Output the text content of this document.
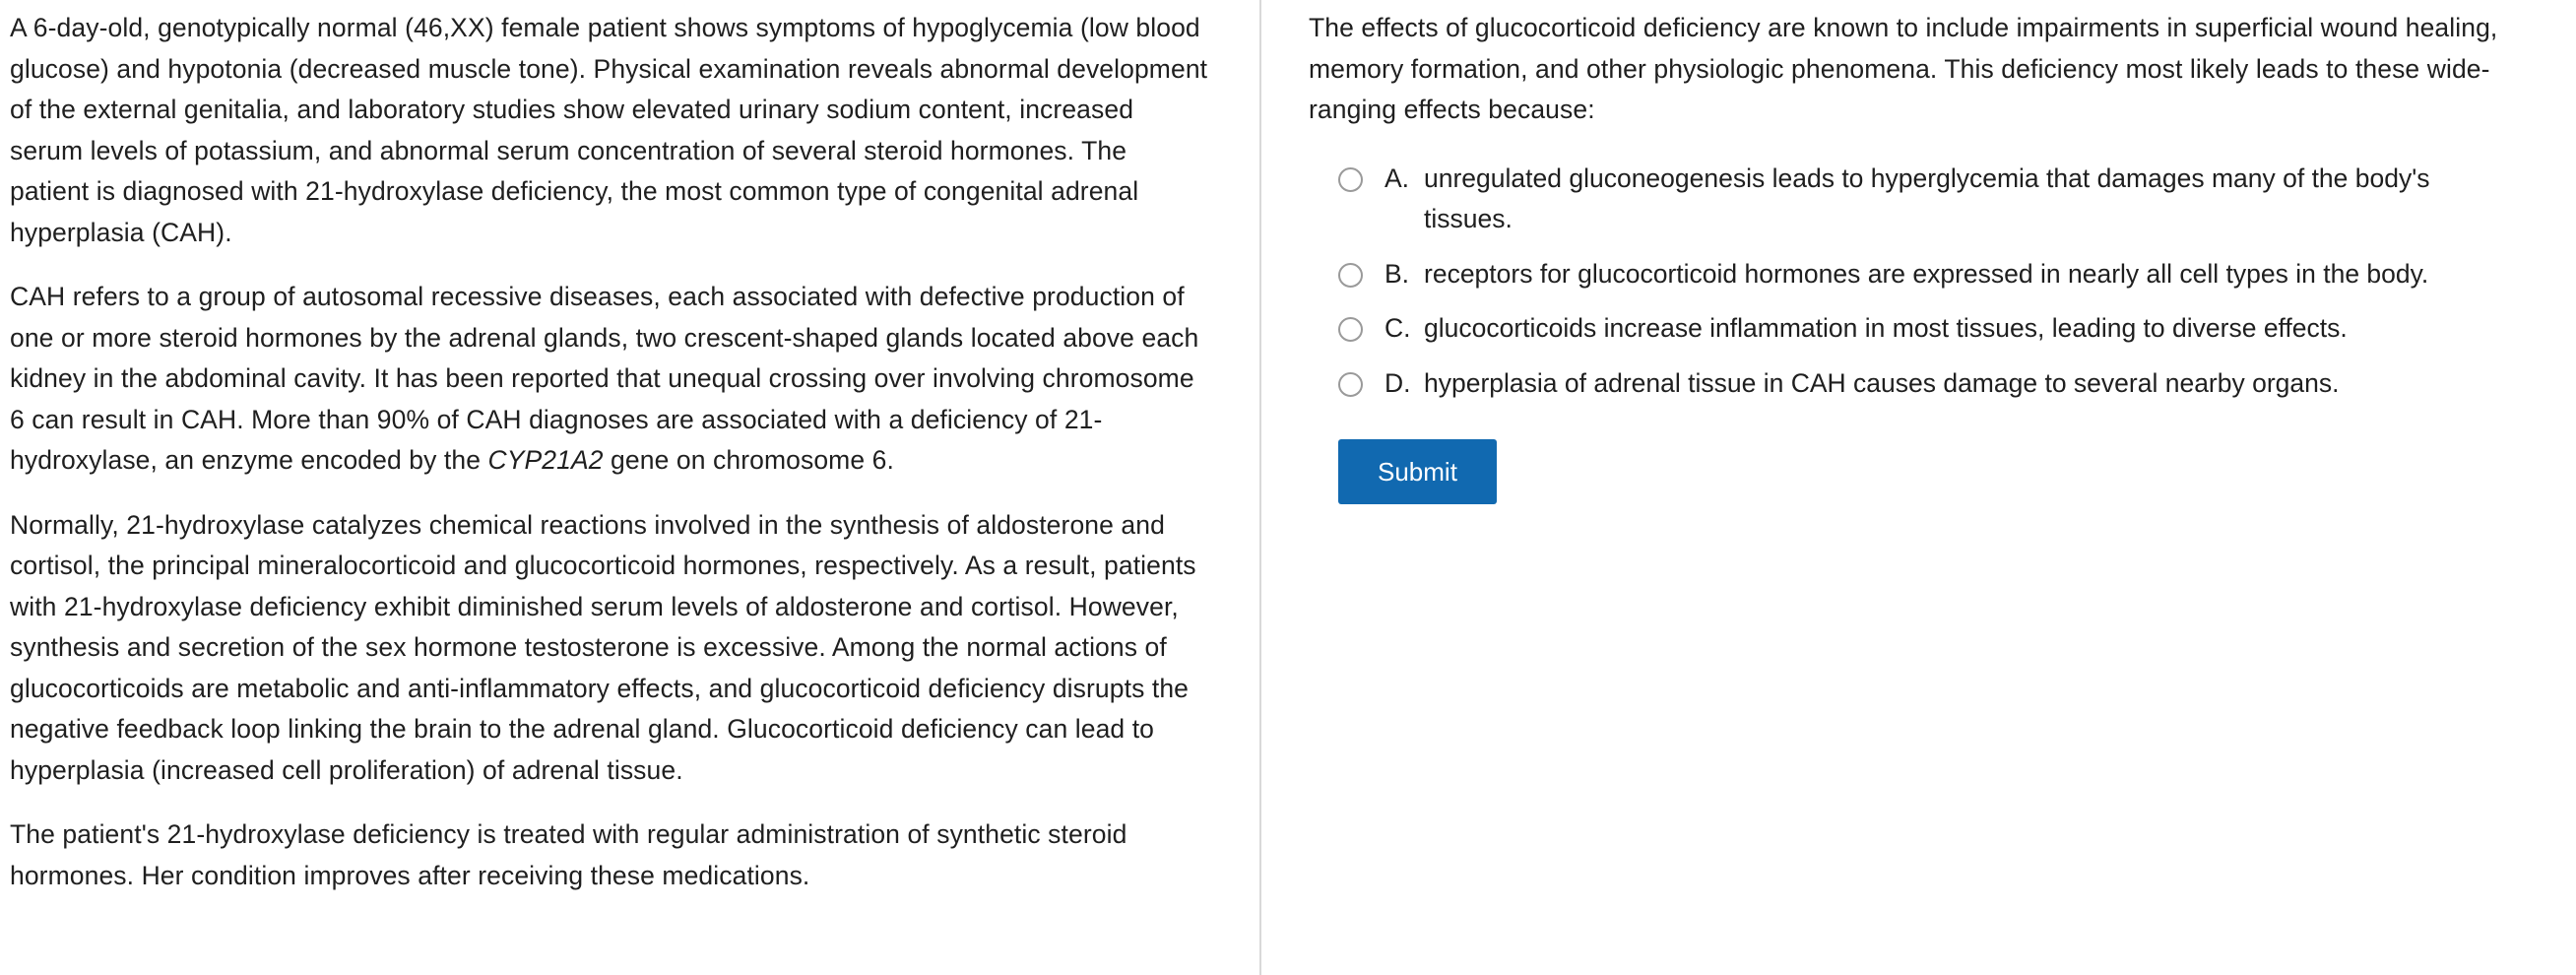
A 6-day-old, genotypically normal (46,XX) female patient shows symptoms of hypoglycemia (low blood glucose) and hypotonia (decreased muscle tone). Physical examination reveals abnormal development of the external genitalia, and laboratory studies show elevated urinary sodium content, increased serum levels of potassium, and abnormal serum concentration of several steroid hormones. The patient is diagnosed with 21-hydroxylase deficiency, the most common type of congenital adrenal hyperplasia (CAH).

CAH refers to a group of autosomal recessive diseases, each associated with defective production of one or more steroid hormones by the adrenal glands, two crescent-shaped glands located above each kidney in the abdominal cavity. It has been reported that unequal crossing over involving chromosome 6 can result in CAH. More than 90% of CAH diagnoses are associated with a deficiency of 21-hydroxylase, an enzyme encoded by the CYP21A2 gene on chromosome 6.

Normally, 21-hydroxylase catalyzes chemical reactions involved in the synthesis of aldosterone and cortisol, the principal mineralocorticoid and glucocorticoid hormones, respectively. As a result, patients with 21-hydroxylase deficiency exhibit diminished serum levels of aldosterone and cortisol. However, synthesis and secretion of the sex hormone testosterone is excessive. Among the normal actions of glucocorticoids are metabolic and anti-inflammatory effects, and glucocorticoid deficiency disrupts the negative feedback loop linking the brain to the adrenal gland. Glucocorticoid deficiency can lead to hyperplasia (increased cell proliferation) of adrenal tissue.

The patient's 21-hydroxylase deficiency is treated with regular administration of synthetic steroid hormones. Her condition improves after receiving these medications.

The effects of glucocorticoid deficiency are known to include impairments in superficial wound healing, memory formation, and other physiologic phenomena. This deficiency most likely leads to these wide-ranging effects because:

A. unregulated gluconeogenesis leads to hyperglycemia that damages many of the body's tissues.
B. receptors for glucocorticoid hormones are expressed in nearly all cell types in the body.
C. glucocorticoids increase inflammation in most tissues, leading to diverse effects.
D. hyperplasia of adrenal tissue in CAH causes damage to several nearby organs.
Submit
